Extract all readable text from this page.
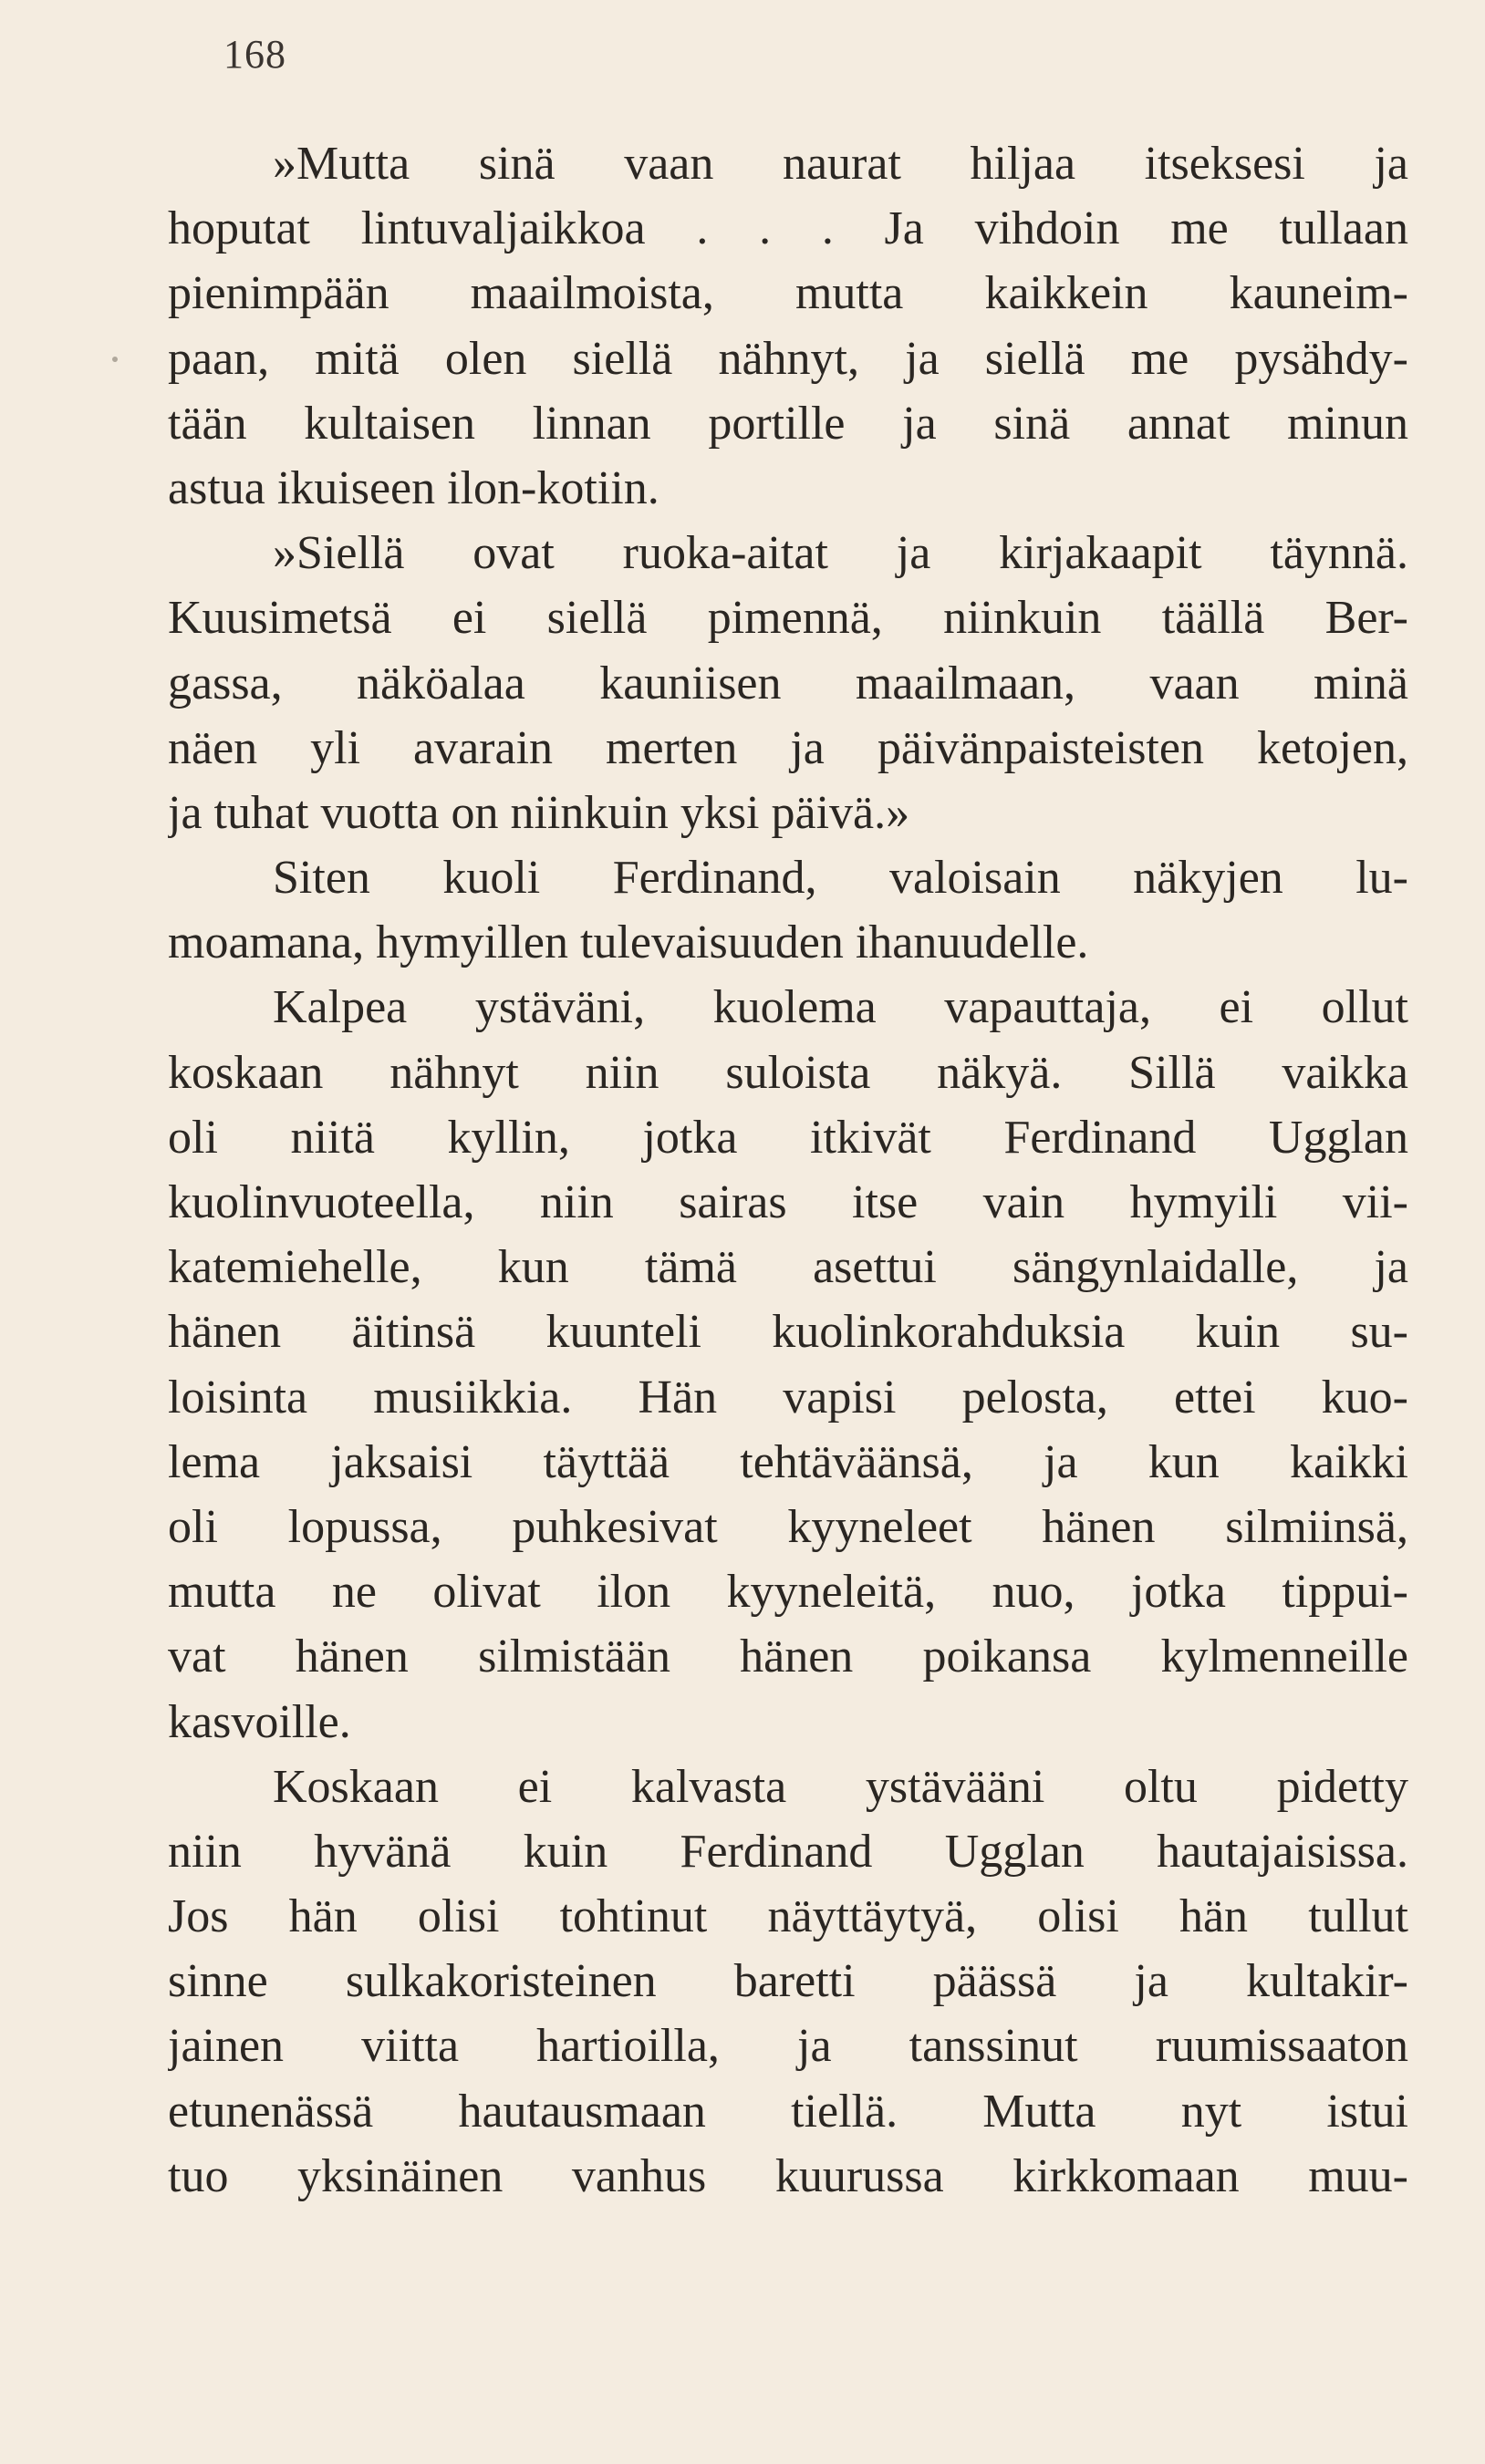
168
»Mutta sinä vaan naurat hiljaa itseksesi ja
hoputat lintuvaljaikkoa . . . Ja vihdoin me tullaan
pienimpään maailmoista, mutta kaikkein kauneim-
paan, mitä olen siellä nähnyt, ja siellä me pysähdy-
tään kultaisen linnan portille ja sinä annat minun
astua ikuiseen ilon-kotiin.
»Siellä ovat ruoka-aitat ja kirjakaapit täynnä.
Kuusimetsä ei siellä pimennä, niinkuin täällä Ber-
gassa, näköalaa kauniisen maailmaan, vaan minä
näen yli avarain merten ja päivänpaisteisten ketojen,
ja tuhat vuotta on niinkuin yksi päivä.»
Siten kuoli Ferdinand, valoisain näkyjen lu-
moamana, hymyillen tulevaisuuden ihanuudelle.
Kalpea ystäväni, kuolema vapauttaja, ei ollut
koskaan nähnyt niin suloista näkyä. Sillä vaikka
oli niitä kyllin, jotka itkivät Ferdinand Ugglan
kuolinvuoteella, niin sairas itse vain hymyili vii-
katemiehelle, kun tämä asettui sängynlaidalle, ja
hänen äitinsä kuunteli kuolinkorahduksia kuin su-
loisinta musiikkia. Hän vapisi pelosta, ettei kuo-
lema jaksaisi täyttää tehtäväänsä, ja kun kaikki
oli lopussa, puhkesivat kyyneleet hänen silmiinsä,
mutta ne olivat ilon kyyneleitä, nuo, jotka tippui-
vat hänen silmistään hänen poikansa kylmenneille
kasvoille.
Koskaan ei kalvasta ystävääni oltu pidetty
niin hyvänä kuin Ferdinand Ugglan hautajaisissa.
Jos hän olisi tohtinut näyttäytyä, olisi hän tullut
sinne sulkakoristeinen baretti päässä ja kultakir-
jainen viitta hartioilla, ja tanssinut ruumissaaton
etunenässä hautausmaan tiellä. Mutta nyt istui
tuo yksinäinen vanhus kuurussa kirkkomaan muu-
